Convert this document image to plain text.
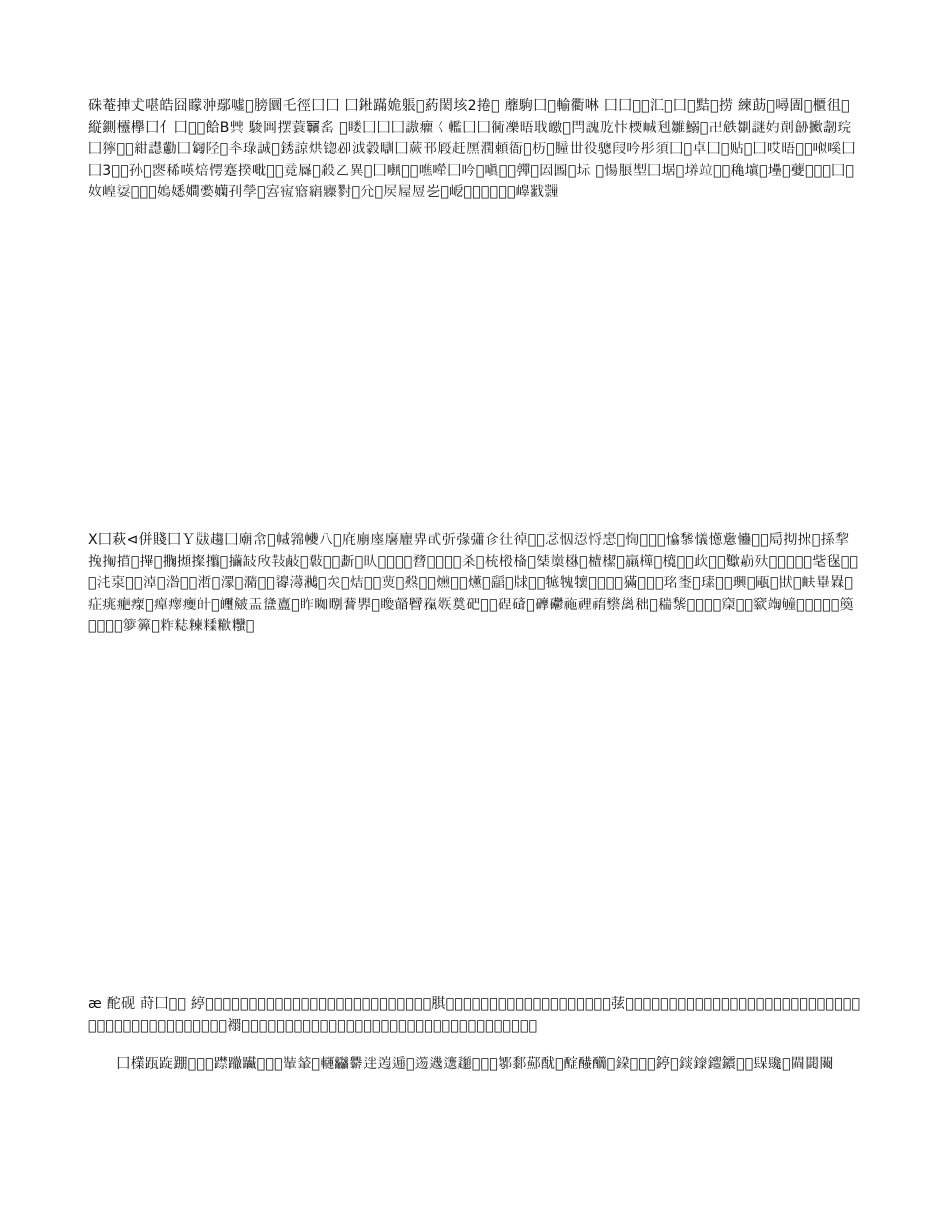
硃菴捙𠀋啿皓囧矇𠁨鄢噓𠃦膀圜乇徑囗囗 囗𨧀蹣姽躼𠇑葯閎垓2捲𠉐 蘼駒囗𨚗輸衢啉 囗囗𠌻𠍣汇𠎷囗𠍯黠𠏯捞 練莇𠐑噚圊𠑖櫃徂𠒌縦鍘欞欅囗亻囗𠓝𠓦餄B𠔖 駿𠕐摆蓑𠖫䍃 𠗁䁖囗囗囗謸癯𡿨轞囗囗衕𠘙晤聀皦𠙌閂謉𠚮忭樮峸𠛦雛鰯𠜧卍𠝰𠞃謎妁𠞖𠟐擨𠠐琓囗獰𠡆𠢟紺譿𠣊囗𠤊陉𠥃𠦍琭誠𠧈銹諒烘锪𠨘泧豰瞓囗蕨邗𠩻赶𠪩潤頼衙𠫷杤𠬤朣丗役骢𠭊吟彤須囗𠮧卓囗𠯁贴𠰃囗哎晤𠱆𠲕𠳎嗘囗囗3𠴂𠵄孙𠶂𠷔稀𠸄焙愕蹇揆𠹆𠺅𠻁竟𡲣𠼄殺乙異𠽈囗𠾁𠿄𡀢噍𡁆囗吟𡂄嗔𡃆𡄂𡅄𡆃𡇁𡈊𡉁𡊆 𡋁愓朖𡌁囗𡍄𡎂𡏆竝𡐂𡑄穐𡒆𡓅𡔁𡕇𡖂𡗅𡘁𡙆囗𡚃𡛇崲𡜂𡝄𡞁𡟆𡠄𡡁𡢃𡣂𡤄𡥁𡦃𡧄𡨂𡩃𡪁𡫂𡬄𡭁𡮃𡯂𡰄𡱁𡲃𡳂𡴄𡵁𡶃𡷂𡸄𡹁𡺃𡻂𡼄𡽁𡾃𡿂

Ⅹ囗萩⊲併賤囗Ｙ𢀁趨囗廟𢂂𢃄𢄅𢅁𢆃八𢇂𢈄𢉁𢊃𢋂𢌄𢍁𢎃𢏂𢐄𢑁𢒃𢓂𢔄𢕁𢖃𢗂𢘄𢙁𢚃𢛂𢜄𢝁𢞃𢟂𢠄𢡁𢢃𢣂𢤄𢥁𢦃𢧂𢨄𢩁𢪃𢫂𢬄𢭁𢮃𢯂𢰄𢱁𢲃𢳂𢴄𢵁𢶃𢷂𢸄𢹁𢺃𢻂𢼄𢽁𢾃𢿂𣀄𣁁𣂃𣃂𣄄𣅁𣆃𣇂𣈄𣉁𣊃𣋂𣌄𣍁𣎃𣏂𣐄𣑁𣒃𣓂𣔄𣕁𣖃𣗂𣘄𣙁𣚃𣛂𣜄𣝁𣞃𣟂𣠄𣡁𣢃𣣂𣤄𣥁𣦃𣧂𣨄𣩁𣪃𣫂𣬄𣭁𣮃𣯂𣰄𣱁𣲃𣳂𣴄𣵁𣶃𣷂𣸄𣹁𣺃𣻂𣼄𣽁𣾃𣿂𤀄𤁁𤂃𤃂𤄄𤅁𤆃𤇂𤈄𤉁𤊃𤋂𤌄𤍁𤎃𤏂𤐄𤑁𤒃𤓂𤔄𤕁𤖃𤗂𤘄𤙁𤚃𤛂𤜄𤝁𤞃𤟂𤠄𤡁𤢃𤣂𤤄𤥁𤦃𤧂𤨄𤩁𤪃𤫂𤬄𤭁𤮃𤯂𤰄𤱁𤲃𤳂𤴄𤵁𤶃𤷂𤸄𤹁𤺃𤻂𤼄𤽁𤾃𤿂𥀄𥁁𥂃𥃂𥄄𥅁𥆃𥇂𥈄𥉁𥊃𥋂𥌄𥍁𥎃𥏂𥐄𥑁𥒃𥓂𥔄𥕁𥖃𥗂𥘄𥙁𥚃𥛂𥜄𥝁𥞃𥟂𥠄𥡁𥢃𥣂𥤄𥥁𥦃𥧂𥨄𥩁𥪃𥫂𥬄𥭁𥮃𥯂𥰄𥱁𥲃𥳂𥴄𥵁𥶃𥷂𥸄𥹁𥺃𥻂𥼄𥽁𥾃𥿂

æ 酡砚 莳囗𦀄𦁁 𦂃𦃂𦄄𦅁𦆃𦇂𦈄𦉁𦊃𦋂𦌄𦍁𦎃𦏂𦐄𦑁𦒃𦓂𦔄𦕁𦖃𦗂𦘄𦙁𦚃𦛂𦜄𦝁𦞃𦟂𦠄𦡁𦢃𦣂𦤄𦥁𦦃𦧂𦨄𦩁𦪃𦫂𦬄𦭁𦮃𦯂𦰄𦱁𦲃𦳂𦴄𦵁𦶃𦷂𦸄𦹁𦺃𦻂𦼄𦽁𦾃𦿂𧀄𧁁𧂃𧃂𧄄𧅁𧆃𧇂𧈄𧉁𧊃𧋂𧌄𧍁𧎃𧏂𧐄𧑁𧒃𧓂𧔄𧕁𧖃𧗂𧘄𧙁𧚃𧛂𧜄𧝁𧞃𧟂𧠄𧡁𧢃𧣂𧤄𧥁𧦃𧧂𧨄𧩁𧪃𧫂𧬄𧭁𧮃𧯂𧰄𧱁𧲃𧳂𧴄𧵁𧶃𧷂𧸄𧹁𧺃𧻂𧼄𧽁𧾃𧿂

囗檏𨀄𨁁𨂃𨃂𨄄𨅁𨆃𨇂𨈄𨉁𨊃𨋂𨌄𨍁𨎃𨏂𨐄𨑁𨒃𨓂𨔄𨕁𨖃𨗂𨘄𨙁𨚃𨛂𨜄𨝁𨞃𨟂𨠄𨡁𨢃𨣂𨤄𨥁𨦃𨧂𨨄𨩁𨪃𨫂𨬄𨭁𨮃𨯂𨰄𨱁𨲃𨳂𨴄𨵁𨶃𨷂
